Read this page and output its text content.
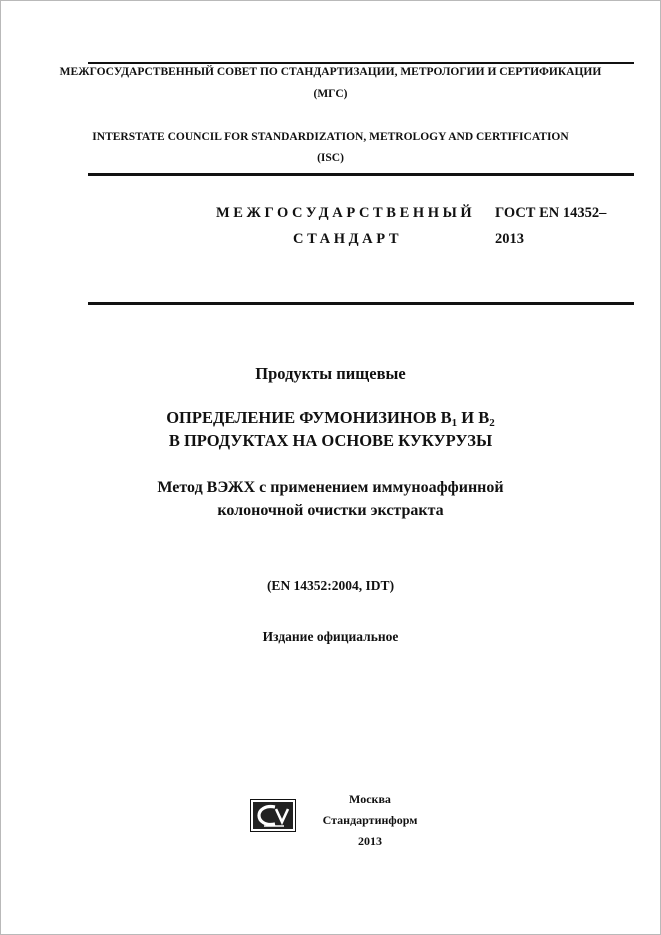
МЕЖГОСУДАРСТВЕННЫЙ СОВЕТ ПО СТАНДАРТИЗАЦИИ, МЕТРОЛОГИИ И СЕРТИФИКАЦИИ
(МГС)
INTERSTATE COUNCIL FOR STANDARDIZATION, METROLOGY AND CERTIFICATION
(ISC)
МЕЖГОСУДАРСТВЕННЫЙ
СТАНДАРТ
ГОСТ EN 14352–
2013
Продукты пищевые
ОПРЕДЕЛЕНИЕ ФУМОНИЗИНОВ $В_1$ И $В_2$
В ПРОДУКТАХ НА ОСНОВЕ КУКУРУЗЫ
Метод ВЭЖХ с применением иммуноаффинной
колоночной очистки экстракта
(EN 14352:2004, IDT)
Издание официальное
Москва
Стандартинформ
2013
